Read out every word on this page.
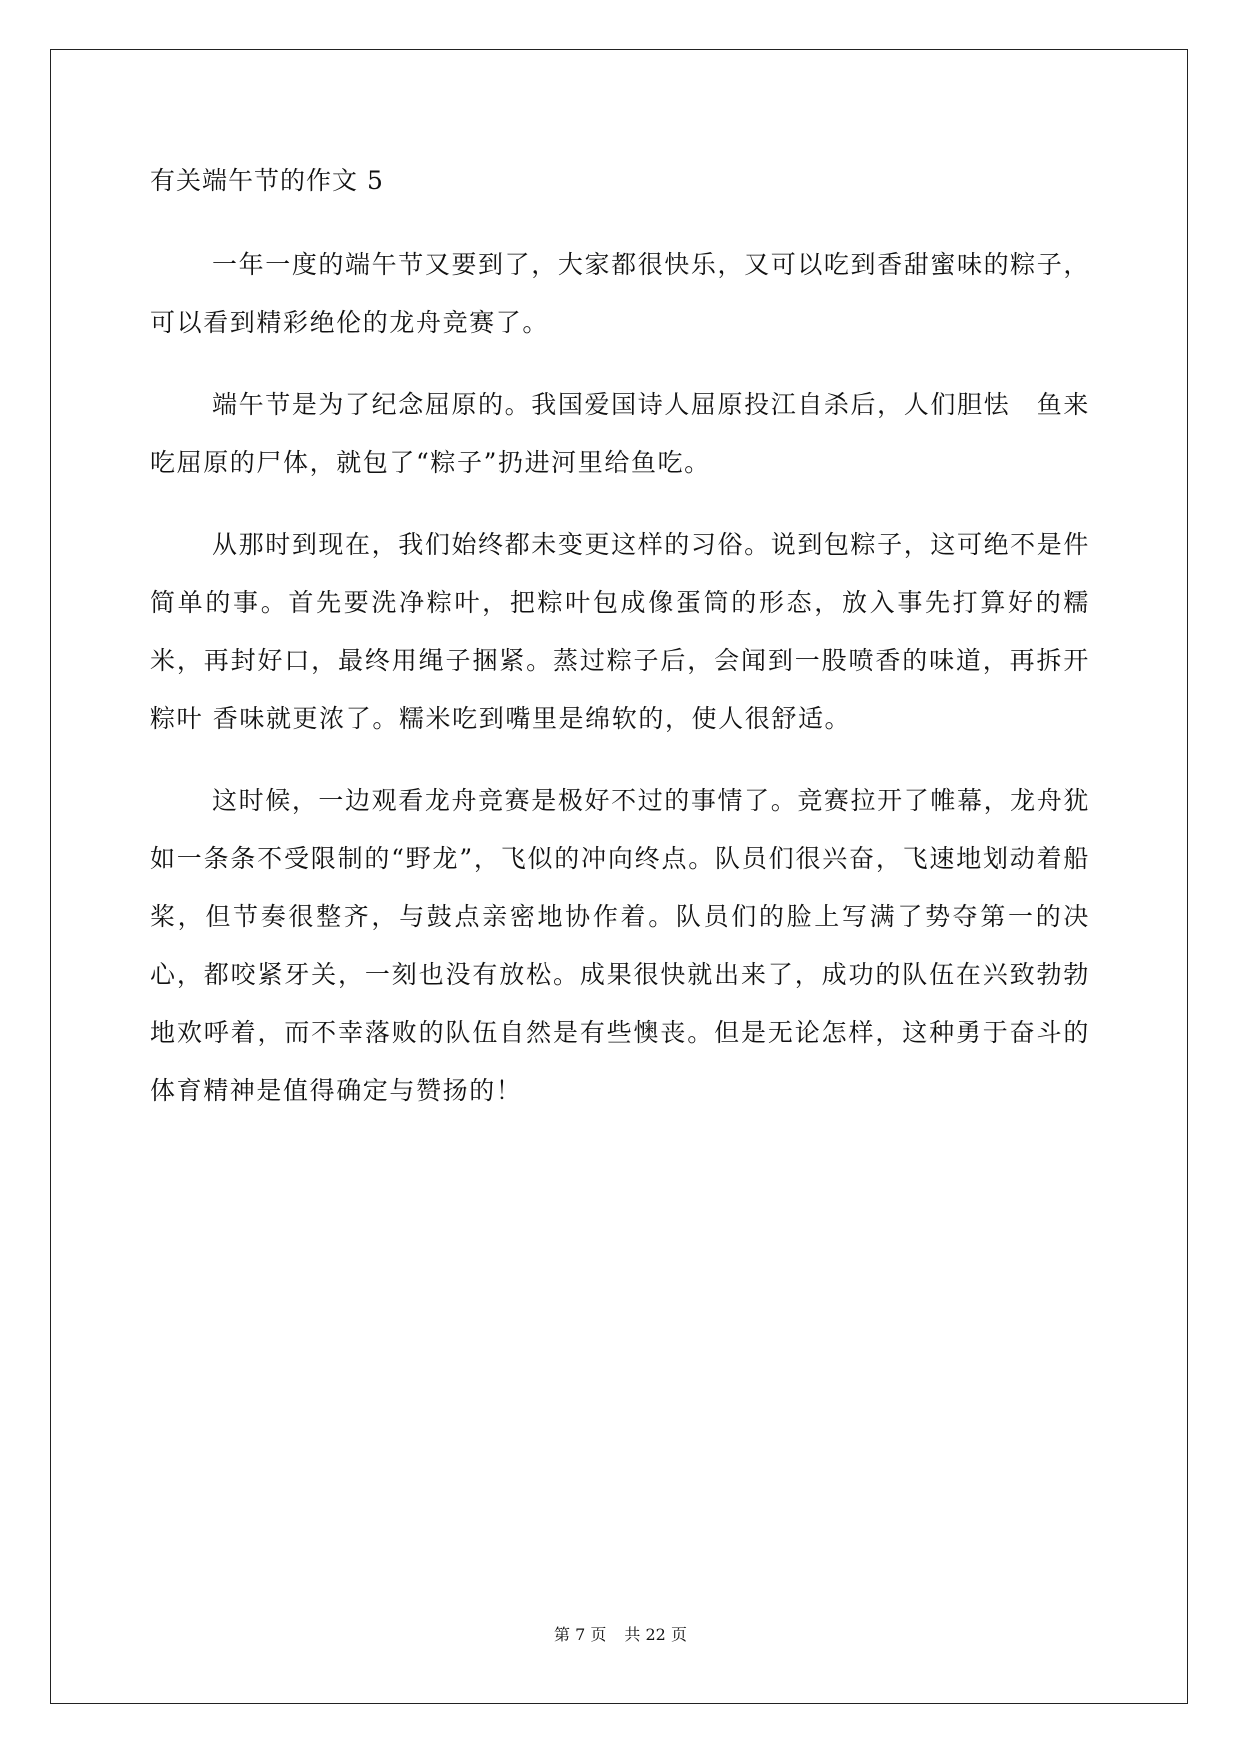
有关端午节的作文 5

一年一度的端午节又要到了，大家都很快乐，又可以吃到香甜蜜味的粽子，可以看到精彩绝伦的龙舟竞赛了。

端午节是为了纪念屈原的。我国爱国诗人屈原投江自杀后，人们胆怯　鱼来吃屈原的尸体，就包了“粽子”扔进河里给鱼吃。

从那时到现在，我们始终都未变更这样的习俗。说到包粽子，这可绝不是件简单的事。首先要洗净粽叶，把粽叶包成像蛋筒的形态，放入事先打算好的糯米，再封好口，最终用绳子捆紧。蒸过粽子后，会闻到一股喷香的味道，再拆开粽叶 香味就更浓了。糯米吃到嘴里是绵软的，使人很舒适。

这时候，一边观看龙舟竞赛是极好不过的事情了。竞赛拉开了帷幕，龙舟犹如一条条不受限制的“野龙”，飞似的冲向终点。队员们很兴奋，飞速地划动着船桨，但节奏很整齐，与鼓点亲密地协作着。队员们的脸上写满了势夺第一的决心，都咬紧牙关，一刻也没有放松。成果很快就出来了，成功的队伍在兴致勃勃地欢呼着，而不幸落败的队伍自然是有些懊丧。但是无论怎样，这种勇于奋斗的体育精神是值得确定与赞扬的！

第 7 页 共 22 页
